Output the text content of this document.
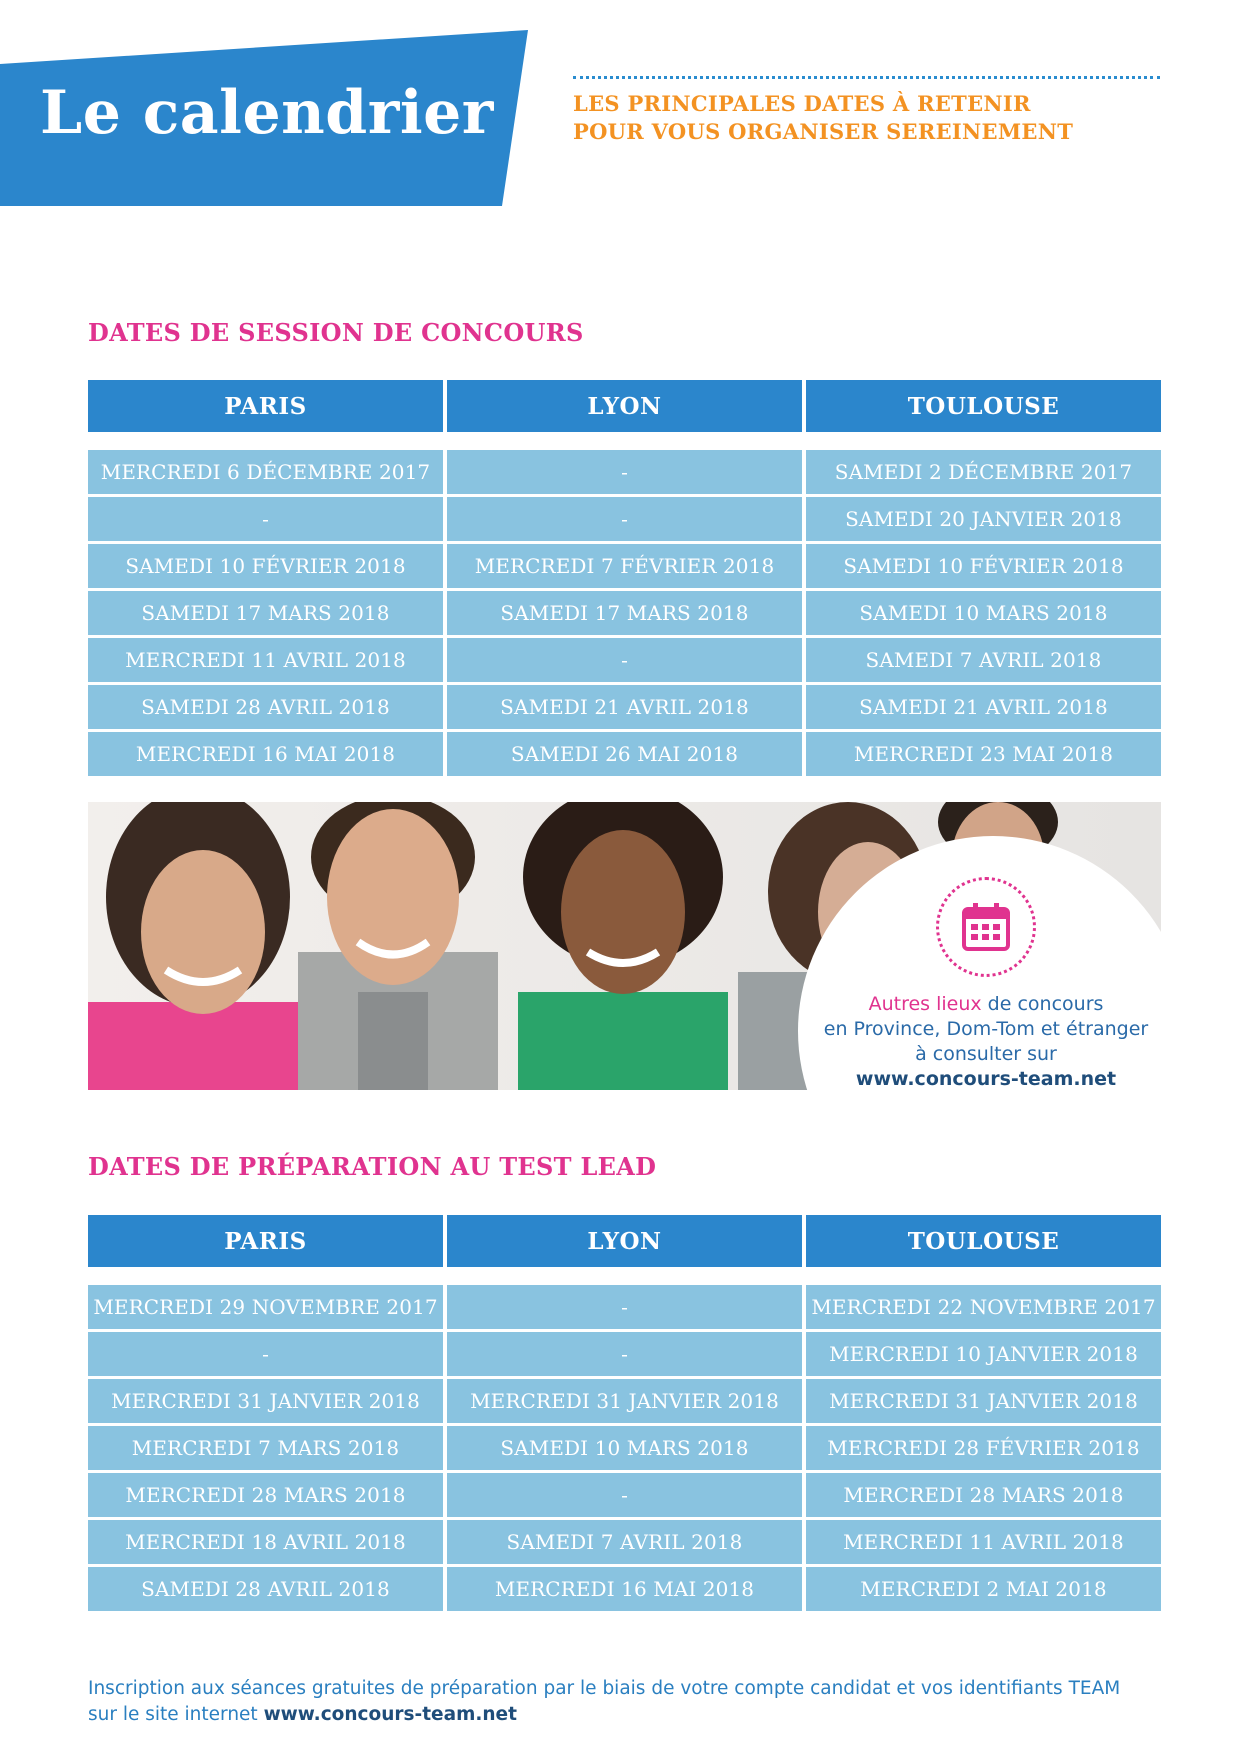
Le calendrier	LES PRINCIPALES DATES À RETENIR
POUR VOUS ORGANISER SEREINEMENT
DATES DE SESSION DE CONCOURS
PARIS	LYON	TOULOUSE
MERCREDI 6 DÉCEMBRE 2017	-	SAMEDI 2 DÉCEMBRE 2017
-	-	SAMEDI 20 JANVIER 2018
SAMEDI 10 FÉVRIER 2018	MERCREDI 7 FÉVRIER 2018	SAMEDI 10 FÉVRIER 2018
SAMEDI 17 MARS 2018	SAMEDI 17 MARS 2018	SAMEDI 10 MARS 2018
MERCREDI 11 AVRIL 2018	-	SAMEDI 7 AVRIL 2018
SAMEDI 28 AVRIL 2018	SAMEDI 21 AVRIL 2018	SAMEDI 21 AVRIL 2018
MERCREDI 16 MAI 2018	SAMEDI 26 MAI 2018	MERCREDI 23 MAI 2018
Autres lieux de concours
en Province, Dom-Tom et étranger
à consulter sur
www.concours-team.net
DATES DE PRÉPARATION AU TEST LEAD
PARIS	LYON	TOULOUSE
MERCREDI 29 NOVEMBRE 2017	-	MERCREDI 22 NOVEMBRE 2017
-	-	MERCREDI 10 JANVIER 2018
MERCREDI 31 JANVIER 2018	MERCREDI 31 JANVIER 2018	MERCREDI 31 JANVIER 2018
MERCREDI 7 MARS 2018	SAMEDI 10 MARS 2018	MERCREDI 28 FÉVRIER 2018
MERCREDI 28 MARS 2018	-	MERCREDI 28 MARS 2018
MERCREDI 18 AVRIL 2018	SAMEDI 7 AVRIL 2018	MERCREDI 11 AVRIL 2018
SAMEDI 28 AVRIL 2018	MERCREDI 16 MAI 2018	MERCREDI 2 MAI 2018
Inscription aux séances gratuites de préparation par le biais de votre compte candidat et vos identifiants TEAM
sur le site internet www.concours-team.net
